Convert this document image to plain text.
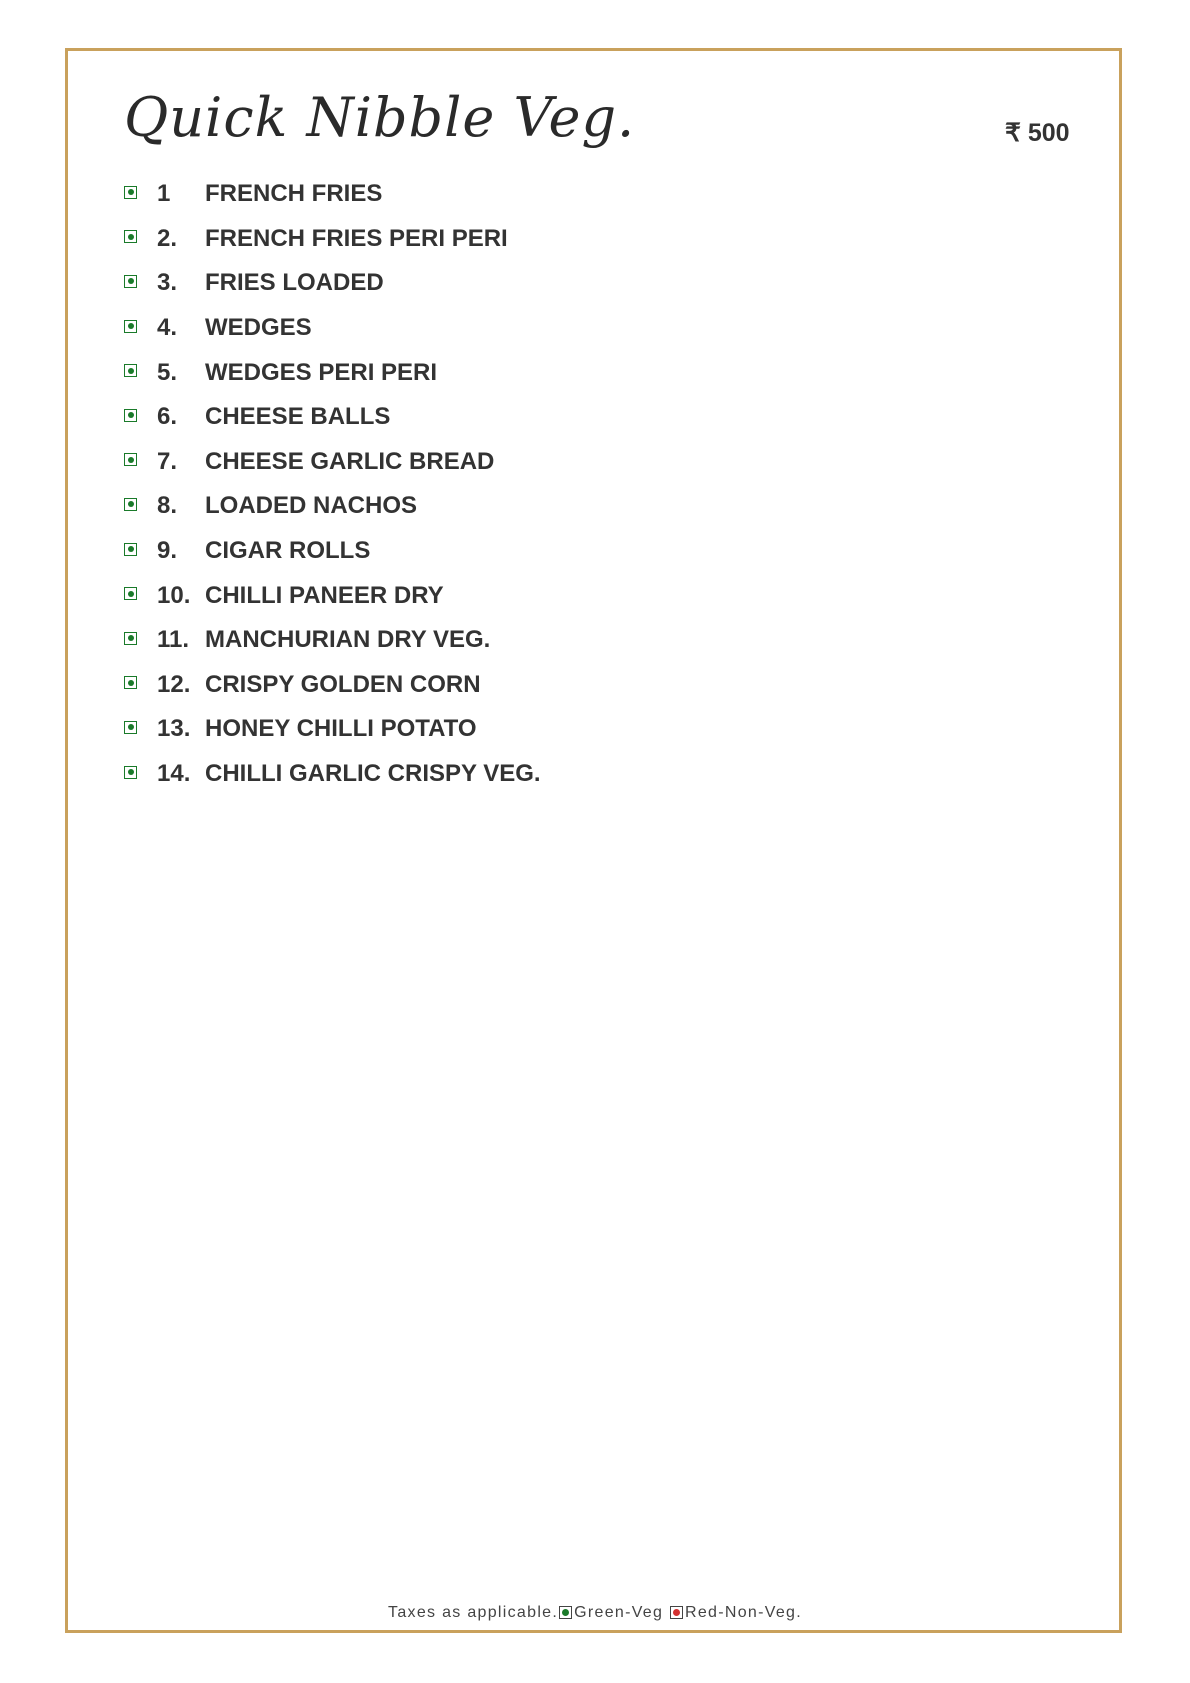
Quick Nibble Veg.	₹ 500
1	FRENCH FRIES
2.	FRENCH FRIES PERI PERI
3.	FRIES LOADED
4.	WEDGES
5.	WEDGES PERI PERI
6.	CHEESE BALLS
7.	CHEESE GARLIC BREAD
8.	LOADED NACHOS
9.	CIGAR ROLLS
10. CHILLI PANEER DRY
11. MANCHURIAN DRY VEG.
12. CRISPY GOLDEN CORN
13. HONEY CHILLI POTATO
14. CHILLI GARLIC CRISPY VEG.
Taxes as applicable. Green-Veg Red-Non-Veg.
